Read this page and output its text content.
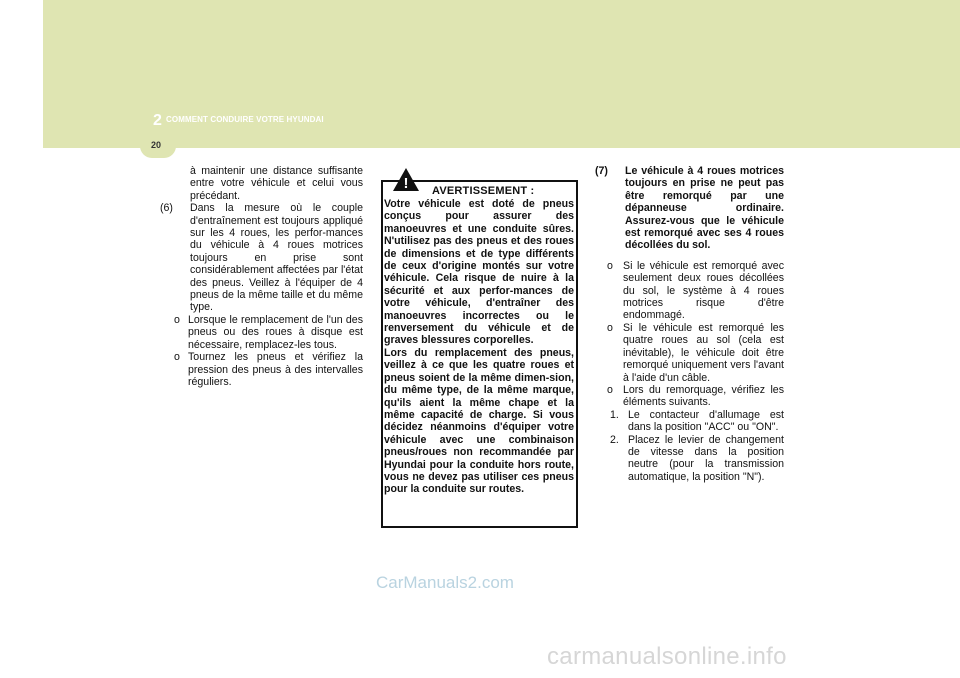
2 COMMENT CONDUIRE VOTRE HYUNDAI
20

à maintenir une distance suffisante entre votre véhicule et celui vous précédant.

(6)	Dans la mesure où le couple d'entraînement est toujours appliqué sur les 4 roues, les perfor-mances du véhicule à 4 roues motrices toujours en prise sont considérablement affectées par l'état des pneus. Veillez à l'équiper de 4 pneus de la même taille et du même type.
o Lorsque le remplacement de l'un des pneus ou des roues à disque est nécessaire, remplacez-les tous.
o Tournez les pneus et vérifiez la pression des pneus à des intervalles réguliers.
! AVERTISSEMENT :

Votre véhicule est doté de pneus conçus pour assurer des manoeuvres et une conduite sûres. N'utilisez pas des pneus et des roues de dimensions et de type différents de ceux d'origine montés sur votre véhicule. Cela risque de nuire à la sécurité et aux perfor-mances de votre véhicule, d'entraîner des manoeuvres incorrectes ou le renversement du véhicule et de graves blessures corporelles.

Lors du remplacement des pneus, veillez à ce que les quatre roues et pneus soient de la même dimen-sion, du même type, de la même marque, qu'ils aient la même chape et la même capacité de charge. Si vous décidez néanmoins d'équiper votre véhicule avec une combinaison pneus/roues non recommandée par Hyundai pour la conduite hors route, vous ne devez pas utiliser ces pneus pour la conduite sur routes.

(7)	Le véhicule à 4 roues motrices toujours en prise ne peut pas être remorqué par une dépanneuse ordinaire. Assurez-vous que le véhicule est remorqué avec ses 4 roues décollées du sol.
o Si le véhicule est remorqué avec seulement deux roues décollées du sol, le système à 4 roues motrices risque d'être endommagé.
o Si le véhicule est remorqué les quatre roues au sol (cela est inévitable), le véhicule doit être remorqué uniquement vers l'avant à l'aide d'un câble.
o Lors du remorquage, vérifiez les éléments suivants.
1. Le contacteur d'allumage est dans la position "ACC" ou "ON".
2. Placez le levier de changement de vitesse dans la position neutre (pour la transmission automatique, la position "N").
CarManuals2.com
carmanualsonline.info
